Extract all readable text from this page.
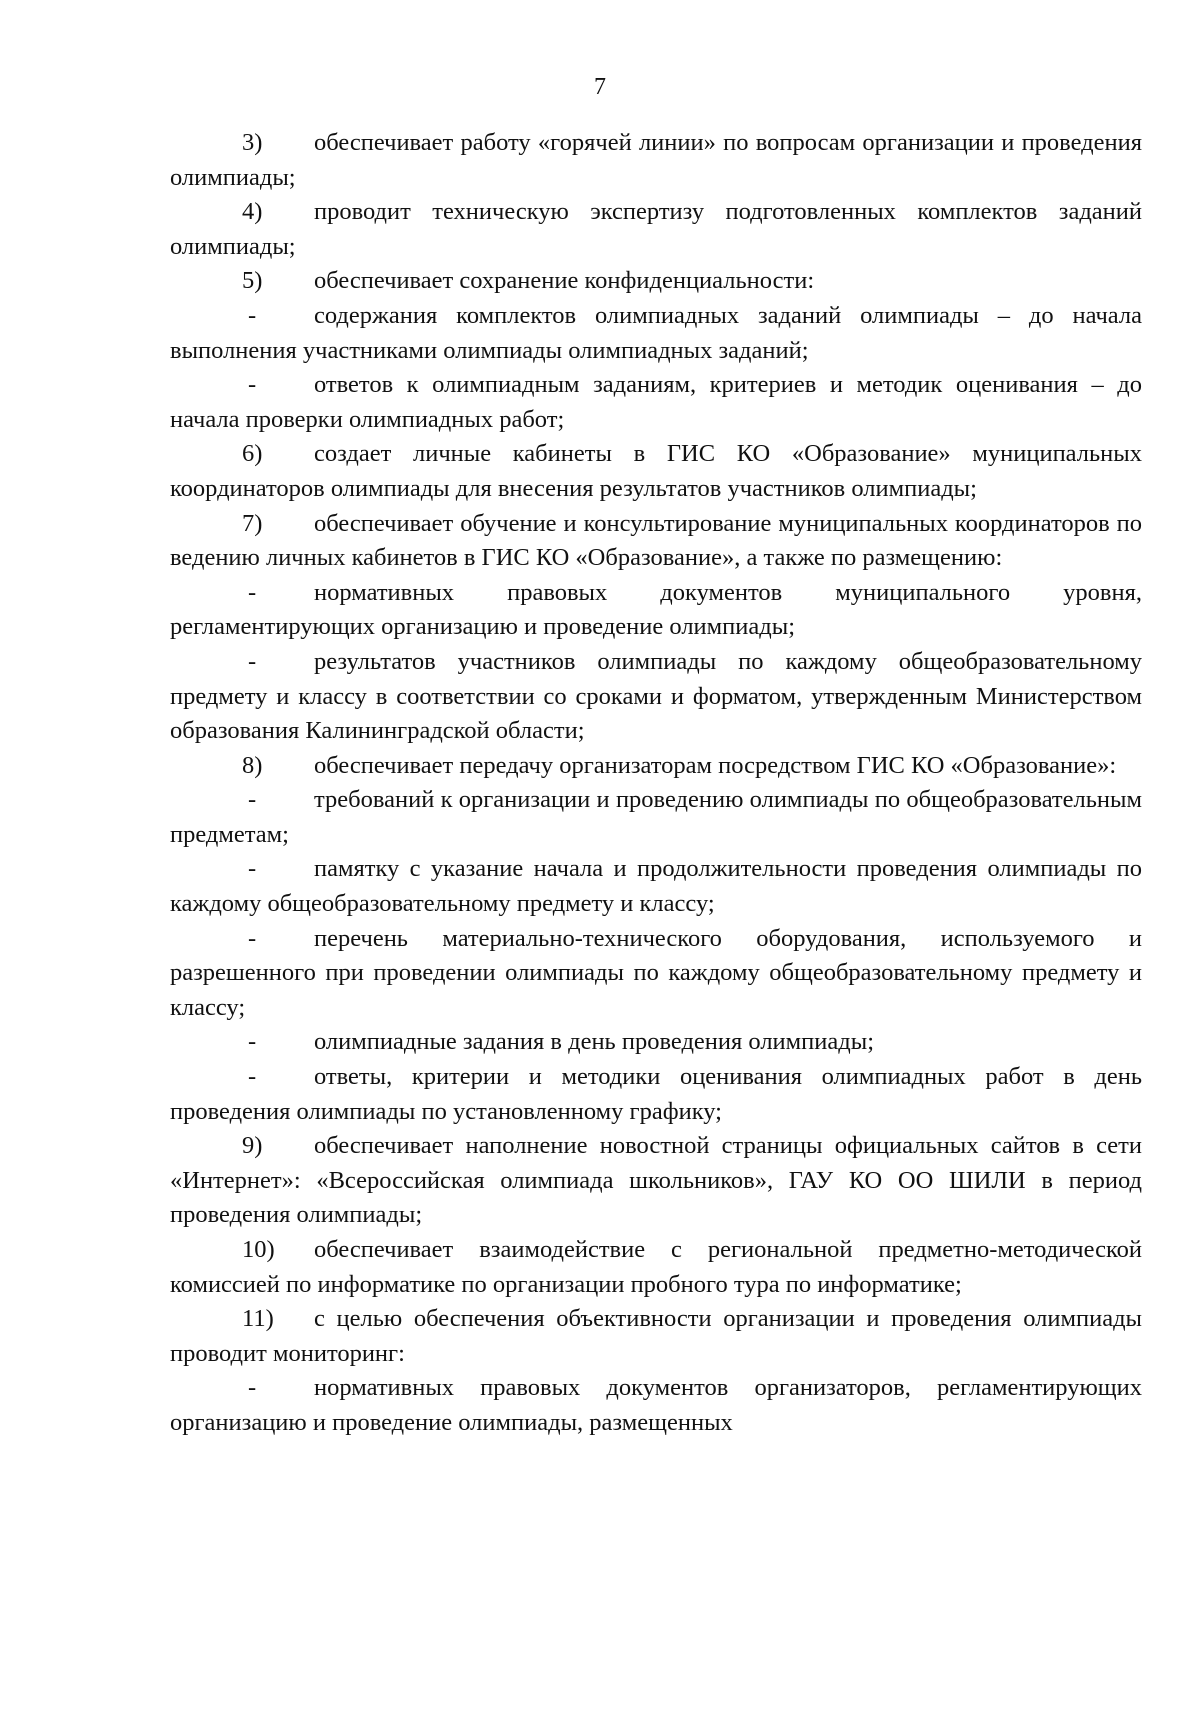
7

3) обеспечивает работу «горячей линии» по вопросам организации и проведения олимпиады;

4) проводит техническую экспертизу подготовленных комплектов заданий олимпиады;

5) обеспечивает сохранение конфиденциальности:

- содержания комплектов олимпиадных заданий олимпиады – до начала выполнения участниками олимпиады олимпиадных заданий;

- ответов к олимпиадным заданиям, критериев и методик оценивания – до начала проверки олимпиадных работ;

6) создает личные кабинеты в ГИС КО «Образование» муниципальных координаторов олимпиады для внесения результатов участников олимпиады;

7) обеспечивает обучение и консультирование муниципальных координаторов по ведению личных кабинетов в ГИС КО «Образование», а также по размещению:

- нормативных правовых документов муниципального уровня, регламентирующих организацию и проведение олимпиады;

- результатов участников олимпиады по каждому общеобразовательному предмету и классу в соответствии со сроками и форматом, утвержденным Министерством образования Калининградской области;

8) обеспечивает передачу организаторам посредством ГИС КО «Образование»:

- требований к организации и проведению олимпиады по общеобразовательным предметам;

- памятку с указание начала и продолжительности проведения олимпиады по каждому общеобразовательному предмету и классу;

- перечень материально-технического оборудования, используемого и разрешенного при проведении олимпиады по каждому общеобразовательному предмету и классу;

- олимпиадные задания в день проведения олимпиады;

- ответы, критерии и методики оценивания олимпиадных работ в день проведения олимпиады по установленному графику;

9) обеспечивает наполнение новостной страницы официальных сайтов в сети «Интернет»: «Всероссийская олимпиада школьников», ГАУ КО ОО ШИЛИ в период проведения олимпиады;

10) обеспечивает взаимодействие с региональной предметно-методической комиссией по информатике по организации пробного тура по информатике;

11) с целью обеспечения объективности организации и проведения олимпиады проводит мониторинг:

- нормативных правовых документов организаторов, регламентирующих организацию и проведение олимпиады, размещенных
